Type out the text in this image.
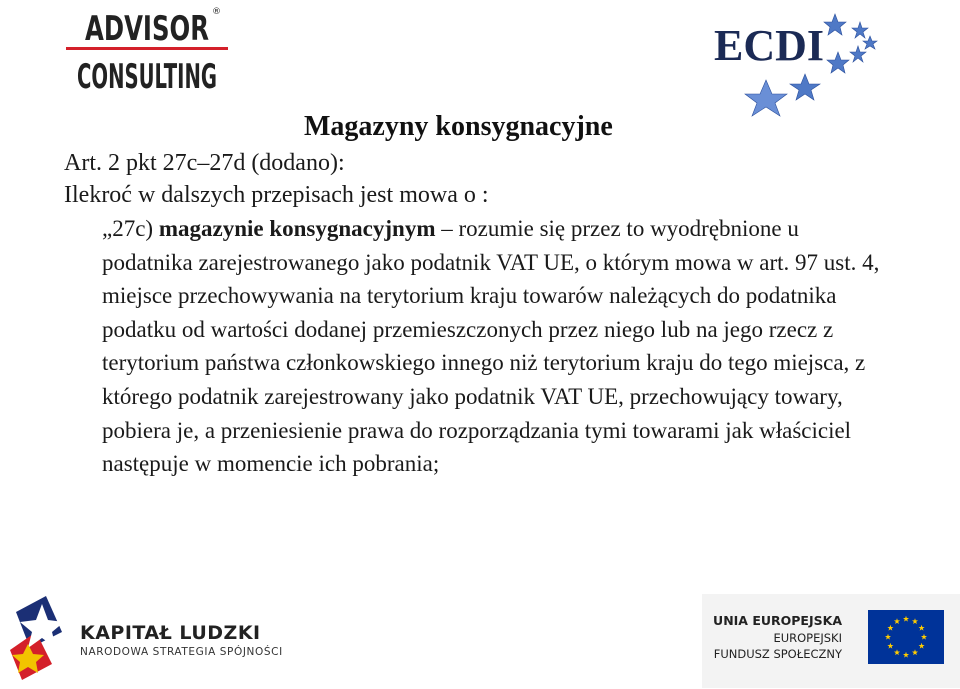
ADVISOR ®
CONSULTING
ECDI
Magazyny konsygnacyjne
Art. 2 pkt 27c–27d (dodano):
Ilekroć w dalszych przepisach jest mowa o :

„27c) magazynie konsygnacyjnym – rozumie się przez to wyodrębnione u podatnika zarejestrowanego jako podatnik VAT UE, o którym mowa w art. 97 ust. 4, miejsce przechowywania na terytorium kraju towarów należących do podatnika podatku od wartości dodanej przemieszczonych przez niego lub na jego rzecz z terytorium państwa członkowskiego innego niż terytorium kraju do tego miejsca, z którego podatnik zarejestrowany jako podatnik VAT UE, przechowujący towary, pobiera je, a przeniesienie prawa do rozporządzania tymi towarami jak właściciel następuje w momencie ich pobrania;

KAPITAŁ LUDZKI
NARODOWA STRATEGIA SPÓJNOŚCI
UNIA EUROPEJSKA
EUROPEJSKI
FUNDUSZ SPOŁECZNY
